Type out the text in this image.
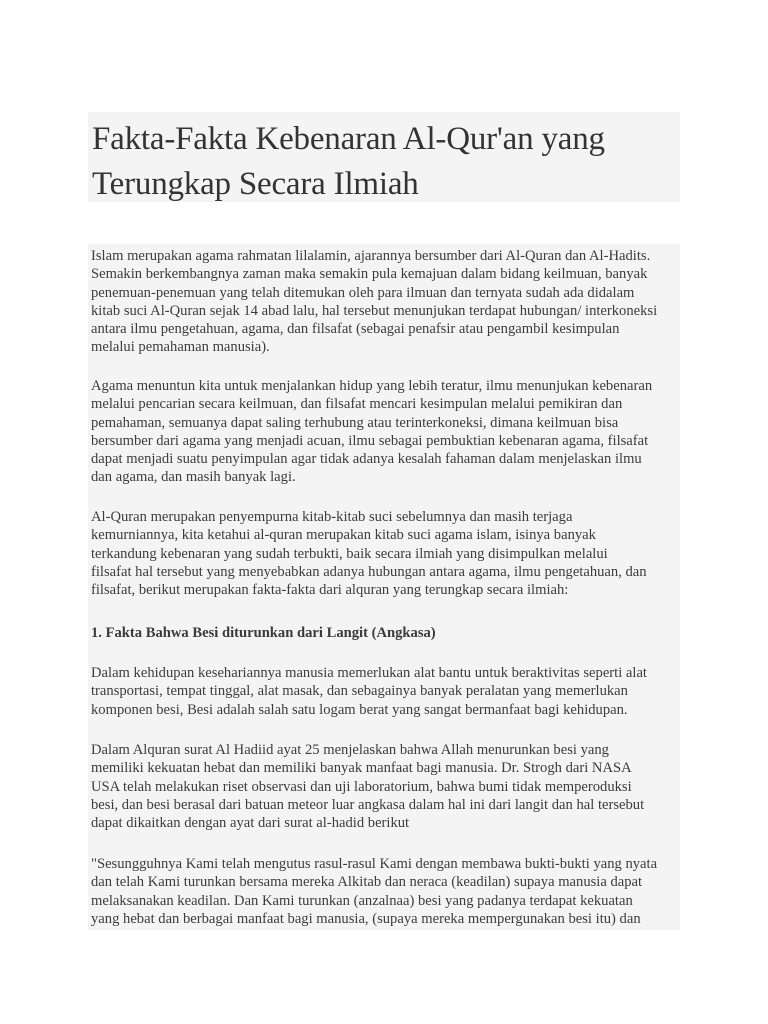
Fakta-Fakta Kebenaran Al-Qur'an yang
Terungkap Secara Ilmiah

Islam merupakan agama rahmatan lilalamin, ajarannya bersumber dari Al-Quran dan Al-Hadits.
Semakin berkembangnya zaman maka semakin pula kemajuan dalam bidang keilmuan, banyak
penemuan-penemuan yang telah ditemukan oleh para ilmuan dan ternyata sudah ada didalam
kitab suci Al-Quran sejak 14 abad lalu, hal tersebut menunjukan terdapat hubungan/ interkoneksi
antara ilmu pengetahuan, agama, dan filsafat (sebagai penafsir atau pengambil kesimpulan
melalui pemahaman manusia).

Agama menuntun kita untuk menjalankan hidup yang lebih teratur, ilmu menunjukan kebenaran
melalui pencarian secara keilmuan, dan filsafat mencari kesimpulan melalui pemikiran dan
pemahaman, semuanya dapat saling terhubung atau terinterkoneksi, dimana keilmuan bisa
bersumber dari agama yang menjadi acuan, ilmu sebagai pembuktian kebenaran agama, filsafat
dapat menjadi suatu penyimpulan agar tidak adanya kesalah fahaman dalam menjelaskan ilmu
dan agama, dan masih banyak lagi.

Al-Quran merupakan penyempurna kitab-kitab suci sebelumnya dan masih terjaga
kemurniannya, kita ketahui al-quran merupakan kitab suci agama islam, isinya banyak
terkandung kebenaran yang sudah terbukti, baik secara ilmiah yang disimpulkan melalui
filsafat hal tersebut yang menyebabkan adanya hubungan antara agama, ilmu pengetahuan, dan
filsafat, berikut merupakan fakta-fakta dari alquran yang terungkap secara ilmiah:

1. Fakta Bahwa Besi diturunkan dari Langit (Angkasa)

Dalam kehidupan kesehariannya manusia memerlukan alat bantu untuk beraktivitas seperti alat
transportasi, tempat tinggal, alat masak, dan sebagainya banyak peralatan yang memerlukan
komponen besi, Besi adalah salah satu logam berat yang sangat bermanfaat bagi kehidupan.

Dalam Alquran surat Al Hadiid ayat 25 menjelaskan bahwa Allah menurunkan besi yang
memiliki kekuatan hebat dan memiliki banyak manfaat bagi manusia. Dr. Strogh dari NASA
USA telah melakukan riset observasi dan uji laboratorium, bahwa bumi tidak memperoduksi
besi, dan besi berasal dari batuan meteor luar angkasa dalam hal ini dari langit dan hal tersebut
dapat dikaitkan dengan ayat dari surat al-hadid berikut

"Sesungguhnya Kami telah mengutus rasul-rasul Kami dengan membawa bukti-bukti yang nyata
dan telah Kami turunkan bersama mereka Alkitab dan neraca (keadilan) supaya manusia dapat
melaksanakan keadilan. Dan Kami turunkan (anzalnaa) besi yang padanya terdapat kekuatan
yang hebat dan berbagai manfaat bagi manusia, (supaya mereka mempergunakan besi itu) dan
